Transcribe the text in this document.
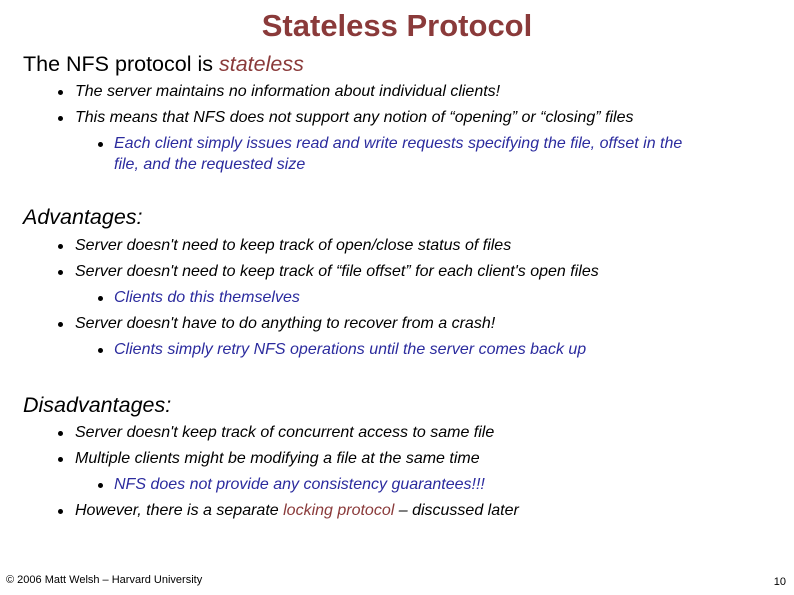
Stateless Protocol
The NFS protocol is stateless
The server maintains no information about individual clients!
This means that NFS does not support any notion of “opening” or “closing” files
Each client simply issues read and write requests specifying the file, offset in the
file, and the requested size
Advantages:
Server doesn't need to keep track of open/close status of files
Server doesn't need to keep track of “file offset” for each client's open files
Clients do this themselves
Server doesn't have to do anything to recover from a crash!
Clients simply retry NFS operations until the server comes back up
Disadvantages:
Server doesn't keep track of concurrent access to same file
Multiple clients might be modifying a file at the same time
NFS does not provide any consistency guarantees!!!
However, there is a separate locking protocol – discussed later
© 2006 Matt Welsh – Harvard University	10
